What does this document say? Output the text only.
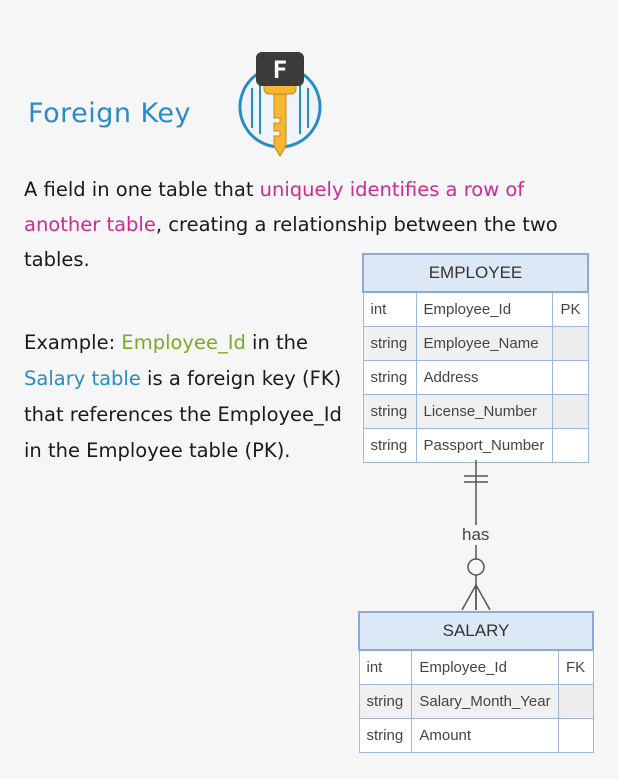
F
Foreign Key
A field in one table that uniquely identifies a row of another table, creating a relationship between the two tables.
Example: Employee_Id in the Salary table is a foreign key (FK) that references the Employee_Id in the Employee table (PK).
EMPLOYEE		
int	Employee_Id	PK
string	Employee_Name	
string	Address	
string	License_Number	
string	Passport_Number	
has
SALARY		
int	Employee_Id	FK
string	Salary_Month_Year	
string	Amount	
